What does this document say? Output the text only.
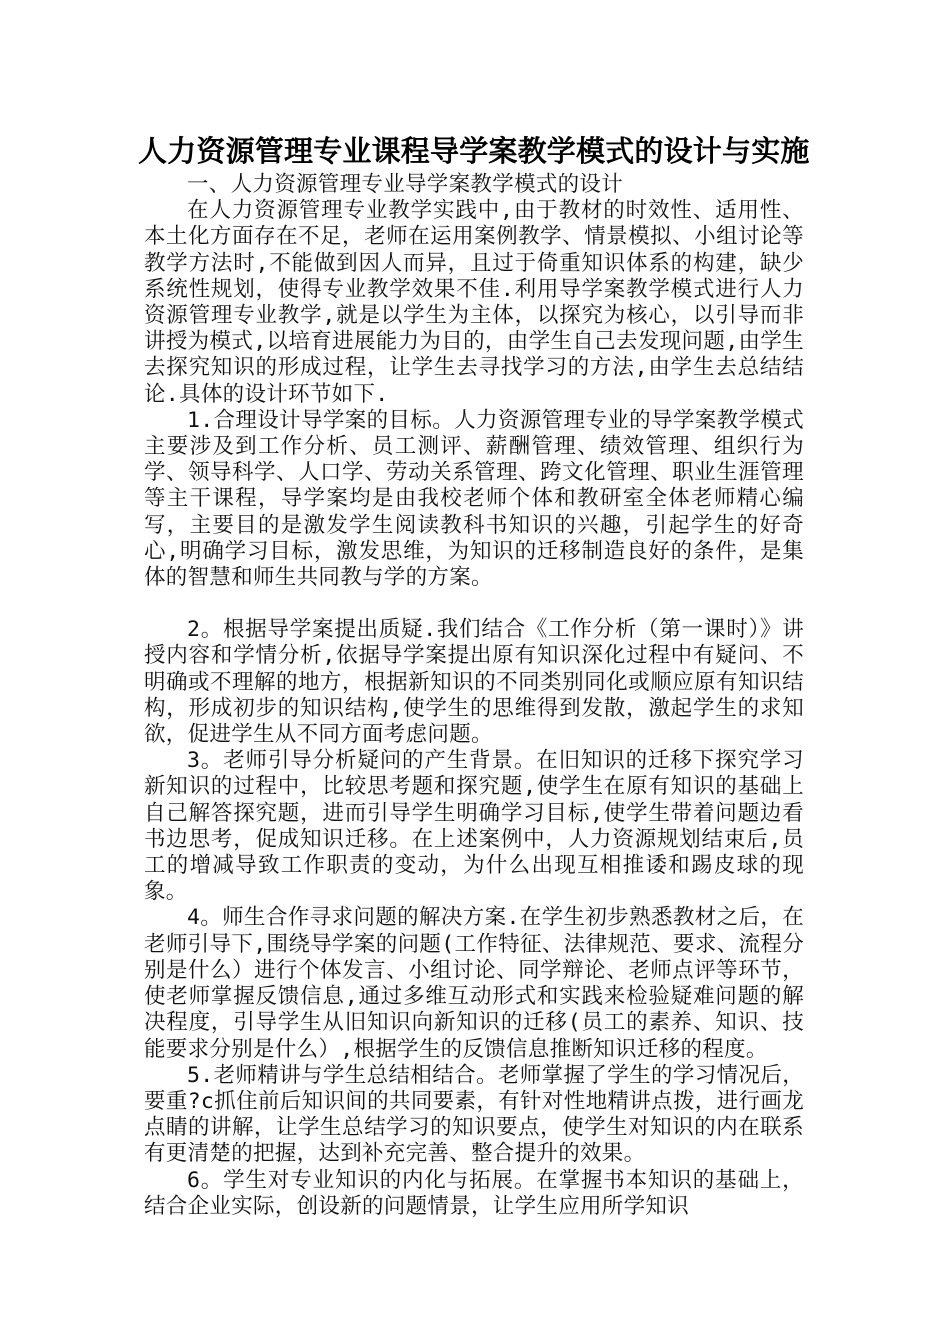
人力资源管理专业课程导学案教学模式的设计与实施

一、人力资源管理专业导学案教学模式的设计

在人力资源管理专业教学实践中,由于教材的时效性、适用性、本土化方面存在不足，老师在运用案例教学、情景模拟、小组讨论等教学方法时,不能做到因人而异，且过于倚重知识体系的构建，缺少系统性规划，使得专业教学效果不佳.利用导学案教学模式进行人力资源管理专业教学,就是以学生为主体，以探究为核心，以引导而非讲授为模式,以培育进展能力为目的，由学生自己去发现问题,由学生去探究知识的形成过程，让学生去寻找学习的方法,由学生去总结结论.具体的设计环节如下.

1.合理设计导学案的目标。人力资源管理专业的导学案教学模式主要涉及到工作分析、员工测评、薪酬管理、绩效管理、组织行为学、领导科学、人口学、劳动关系管理、跨文化管理、职业生涯管理等主干课程，导学案均是由我校老师个体和教研室全体老师精心编写，主要目的是激发学生阅读教科书知识的兴趣，引起学生的好奇心,明确学习目标，激发思维，为知识的迁移制造良好的条件，是集体的智慧和师生共同教与学的方案。

2。根据导学案提出质疑.我们结合《工作分析（第一课时）》讲授内容和学情分析,依据导学案提出原有知识深化过程中有疑问、不明确或不理解的地方，根据新知识的不同类别同化或顺应原有知识结构，形成初步的知识结构,使学生的思维得到发散，激起学生的求知欲，促进学生从不同方面考虑问题。

3。老师引导分析疑问的产生背景。在旧知识的迁移下探究学习新知识的过程中，比较思考题和探究题,使学生在原有知识的基础上自己解答探究题，进而引导学生明确学习目标,使学生带着问题边看书边思考，促成知识迁移。在上述案例中，人力资源规划结束后,员工的增减导致工作职责的变动，为什么出现互相推诿和踢皮球的现象。

4。师生合作寻求问题的解决方案.在学生初步熟悉教材之后，在老师引导下,围绕导学案的问题(工作特征、法律规范、要求、流程分别是什么）进行个体发言、小组讨论、同学辩论、老师点评等环节，使老师掌握反馈信息,通过多维互动形式和实践来检验疑难问题的解决程度，引导学生从旧知识向新知识的迁移(员工的素养、知识、技能要求分别是什么）,根据学生的反馈信息推断知识迁移的程度。

5.老师精讲与学生总结相结合。老师掌握了学生的学习情况后，要重?c抓住前后知识间的共同要素，有针对性地精讲点拨，进行画龙点睛的讲解，让学生总结学习的知识要点，使学生对知识的内在联系有更清楚的把握，达到补充完善、整合提升的效果。

6。学生对专业知识的内化与拓展。在掌握书本知识的基础上，结合企业实际，创设新的问题情景，让学生应用所学知识
